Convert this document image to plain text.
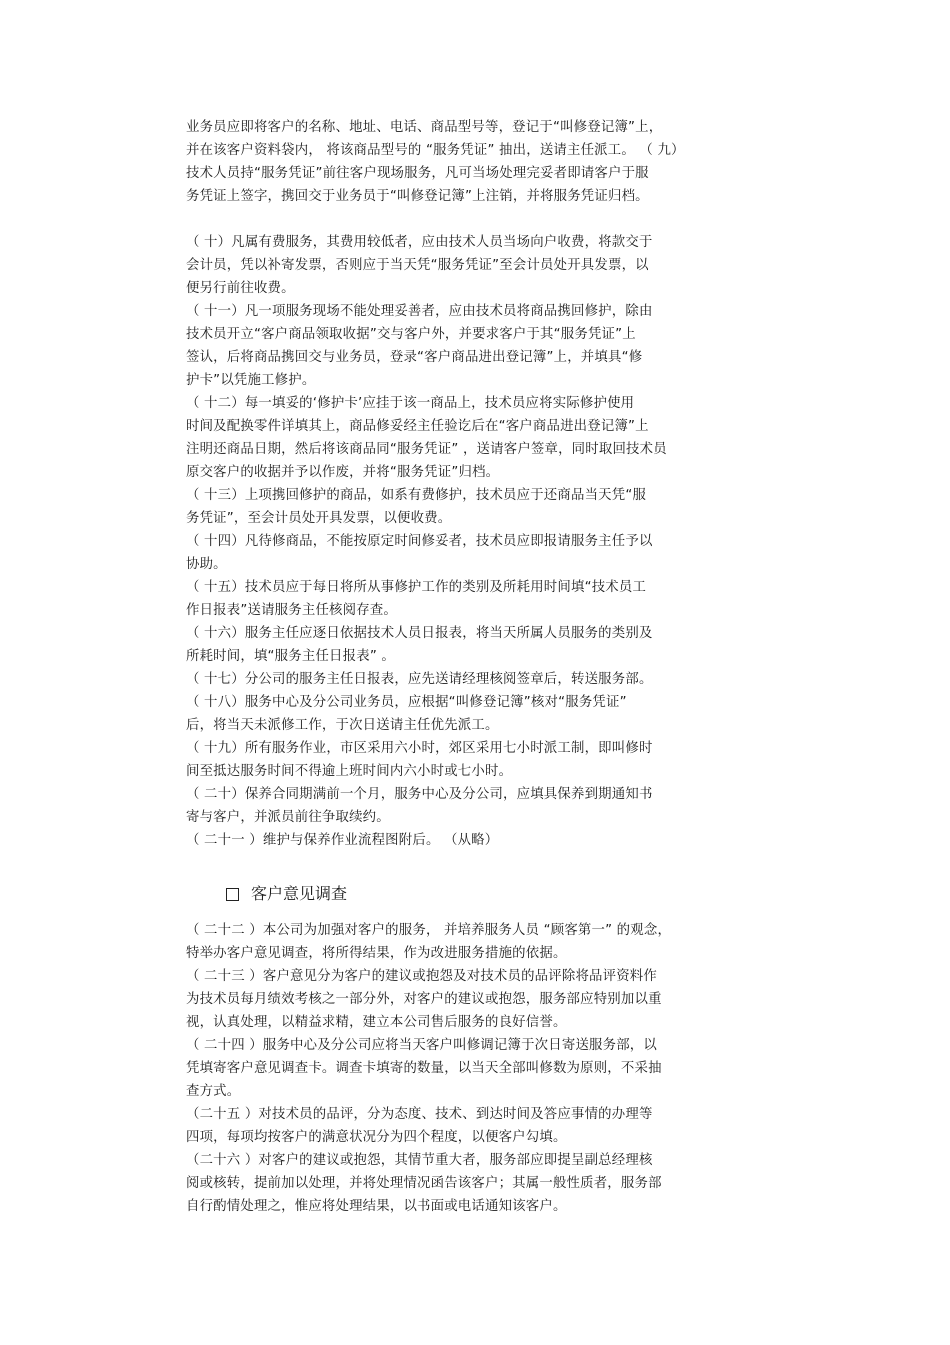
业务员应即将客户的名称、地址、电话、商品型号等，登记于“叫修登记簿”上，
并在该客户资料袋内， 将该商品型号的 “服务凭证” 抽出，送请主任派工。 （ 九）
技术人员持“服务凭证”前往客户现场服务，凡可当场处理完妥者即请客户于服
务凭证上签字，携回交于业务员于“叫修登记簿”上注销，并将服务凭证归档。
（ 十）凡属有费服务，其费用较低者，应由技术人员当场向户收费，将款交于
会计员，凭以补寄发票，否则应于当天凭“服务凭证”至会计员处开具发票，以
便另行前往收费。
（ 十一）凡一项服务现场不能处理妥善者，应由技术员将商品携回修护，除由
技术员开立“客户商品领取收据”交与客户外，并要求客户于其“服务凭证”上
签认，后将商品携回交与业务员，登录“客户商品进出登记簿”上，并填具“修
护卡”以凭施工修护。
（ 十二）每一填妥的‘修护卡’应挂于该一商品上，技术员应将实际修护使用
时间及配换零件详填其上，商品修妥经主任验讫后在“客户商品进出登记簿”上
注明还商品日期，然后将该商品同“服务凭证” ，送请客户签章，同时取回技术员
原交客户的收据并予以作废，并将“服务凭证”归档。
（ 十三）上项携回修护的商品，如系有费修护，技术员应于还商品当天凭“服
务凭证”，至会计员处开具发票，以便收费。
（ 十四）凡待修商品，不能按原定时间修妥者，技术员应即报请服务主任予以
协助。
（ 十五）技术员应于每日将所从事修护工作的类别及所耗用时间填“技术员工
作日报表”送请服务主任核阅存查。
（ 十六）服务主任应逐日依据技术人员日报表，将当天所属人员服务的类别及
所耗时间，填“服务主任日报表” 。
（ 十七）分公司的服务主任日报表，应先送请经理核阅签章后，转送服务部。
（ 十八）服务中心及分公司业务员，应根据“叫修登记簿”核对“服务凭证”
后，将当天未派修工作，于次日送请主任优先派工。
（ 十九）所有服务作业，市区采用六小时，郊区采用七小时派工制，即叫修时
间至抵达服务时间不得逾上班时间内六小时或七小时。
（ 二十）保养合同期满前一个月，服务中心及分公司，应填具保养到期通知书
寄与客户，并派员前往争取续约。
（ 二十一 ）维护与保养作业流程图附后。 （从略）
客户意见调查
（ 二十二 ）本公司为加强对客户的服务， 并培养服务人员 “顾客第一” 的观念，
特举办客户意见调查，将所得结果，作为改进服务措施的依据。
（ 二十三 ）客户意见分为客户的建议或抱怨及对技术员的品评除将品评资料作
为技术员每月绩效考核之一部分外，对客户的建议或抱怨，服务部应特别加以重
视，认真处理，以精益求精，建立本公司售后服务的良好信誉。
（ 二十四 ）服务中心及分公司应将当天客户叫修调记簿于次日寄送服务部，以
凭填寄客户意见调查卡。调查卡填寄的数量，以当天全部叫修数为原则，不采抽
查方式。
（二十五 ）对技术员的品评，分为态度、技术、到达时间及答应事情的办理等
四项，每项均按客户的满意状况分为四个程度，以便客户勾填。
（二十六 ）对客户的建议或抱怨，其情节重大者，服务部应即提呈副总经理核
阅或核转，提前加以处理，并将处理情况函告该客户；其属一般性质者，服务部
自行酌情处理之，惟应将处理结果，以书面或电话通知该客户。
